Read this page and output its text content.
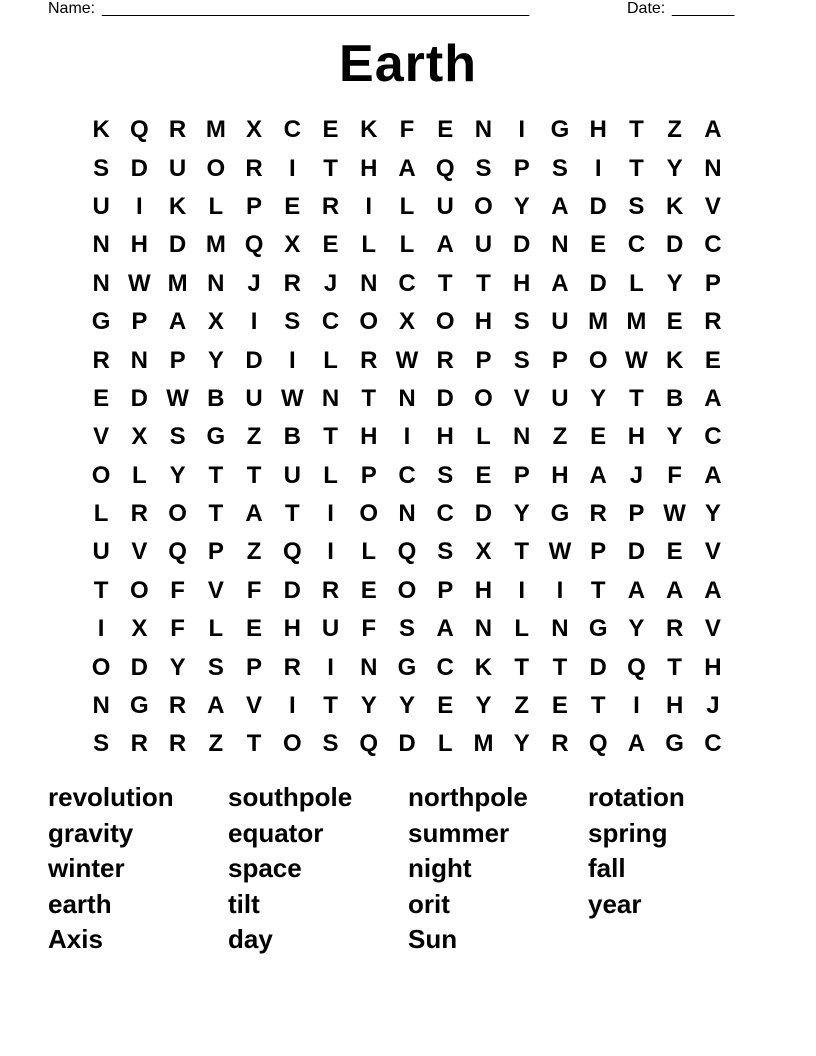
Name: ________________________________________________	Date: _______
Earth
K Q R M X C E K F E N	I	G H T Z A
S D U O R	I	T H A Q S P S	I	T Y N
U	I	K L P E R	I	L U O Y A D S K V
N H D M Q X E L L A U D N E C D C
N W M N J R J N C T T H A D L Y P
G P A X	I	S C O X O H S U M M E R
R N P Y D	I	L R W R P S P O W K E
E D W B U W N T N D O V U Y T B A
V X S G Z B T H	I	H L N Z E H Y C
O L Y T T U L P C S E P H A J	F A
L R O T A T	I	O N C D Y G R P W Y
U V Q P Z Q	I	L Q S X T W P D E V
T O F V F D R E O P H	I	I	T A A A
I	X F L E H U F S A N L N G Y R V
O D Y S P R	I	N G C K T T D Q T H
N G R A V	I	T Y Y E Y Z E T	I	H J
S R R Z T O S Q D L M Y R Q A G C
revolution	southpole	northpole	rotation
gravity	equator	summer	spring
winter	space	night	fall
earth	tilt	orit	year
Axis	day	Sun
